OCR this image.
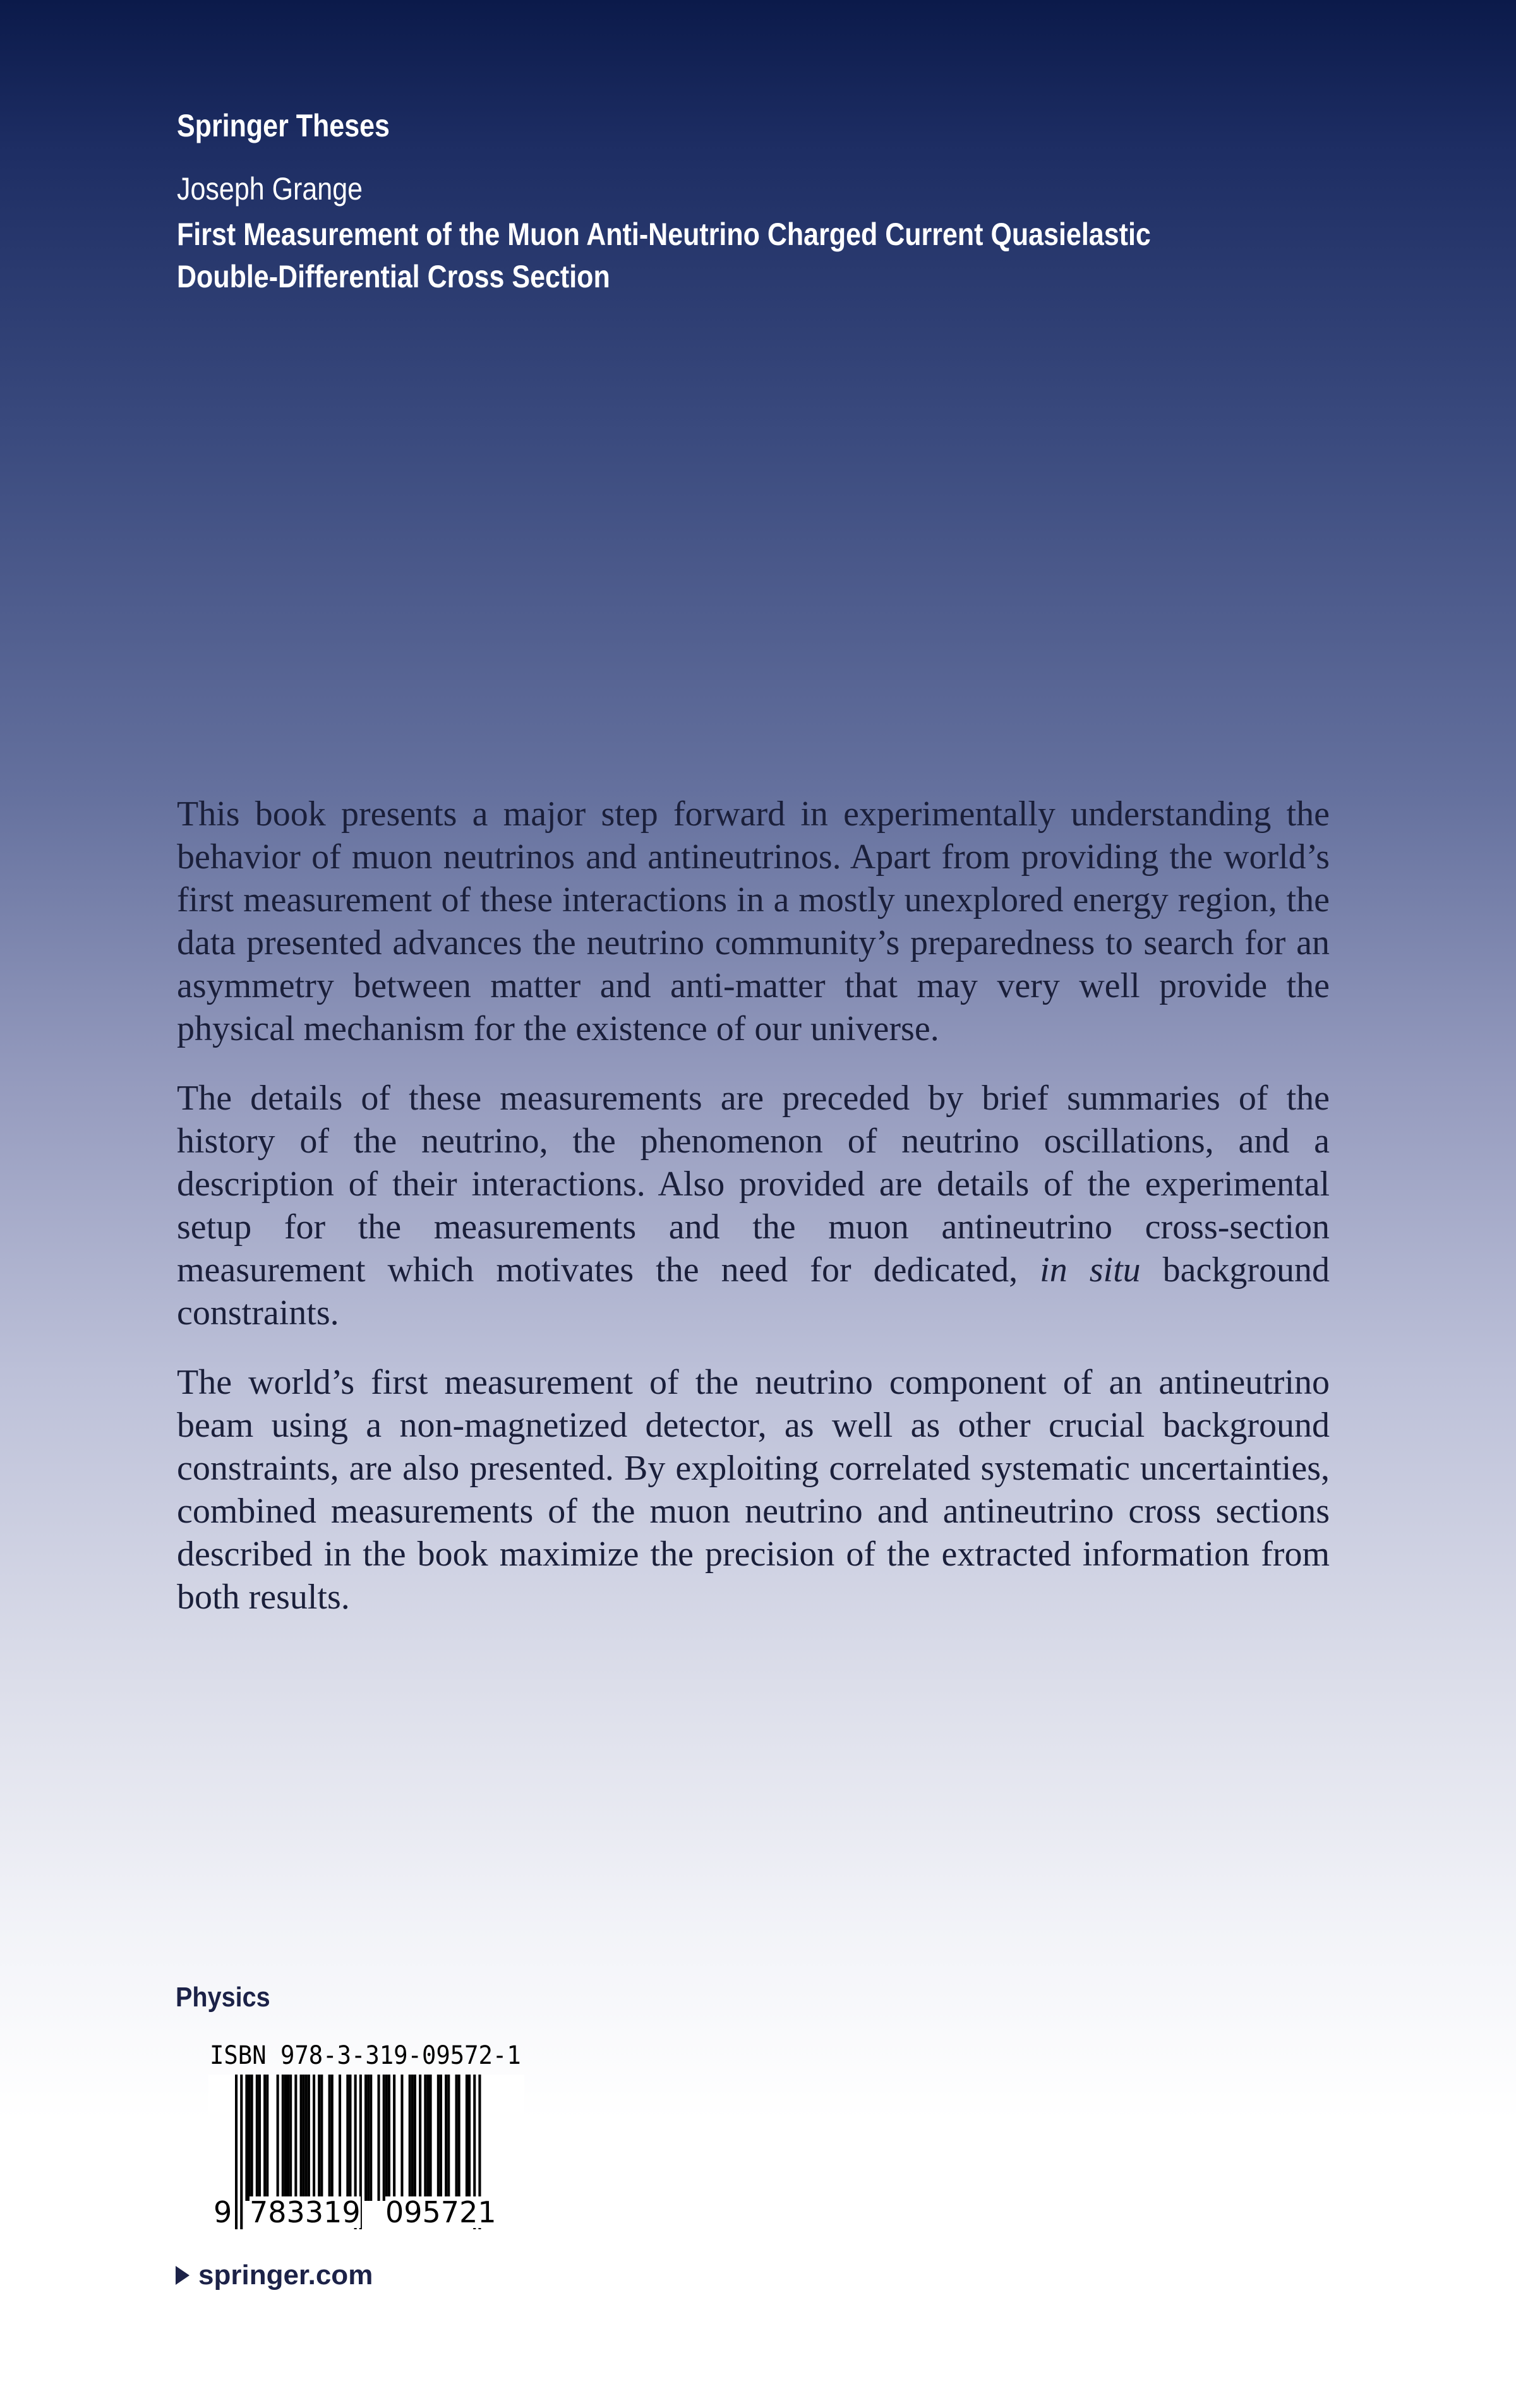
Springer Theses
Joseph Grange
First Measurement of the Muon Anti-Neutrino Charged Current Quasielastic
Double-Differential Cross Section

This book presents a major step forward in experimentally understanding the behavior of muon neutrinos and antineutrinos. Apart from providing the world’s first measurement of these interactions in a mostly unexplored energy region, the data presented advances the neutrino community’s preparedness to search for an asymmetry between matter and anti-matter that may very well provide the physical mechanism for the existence of our universe.

The details of these measurements are preceded by brief summaries of the history of the neutrino, the phenomenon of neutrino oscillations, and a description of their interactions. Also provided are details of the experimental setup for the measurements and the muon antineutrino cross-section measurement which motivates the need for dedicated, in situ background constraints.

The world’s first measurement of the neutrino component of an antineutrino beam using a non-magnetized detector, as well as other crucial background constraints, are also presented. By exploiting correlated systematic uncertainties, combined measurements of the muon neutrino and antineutrino cross sections described in the book maximize the precision of the extracted information from both results.

Physics
ISBN 978-3-319-09572-1
9 783319 095721
springer.com
